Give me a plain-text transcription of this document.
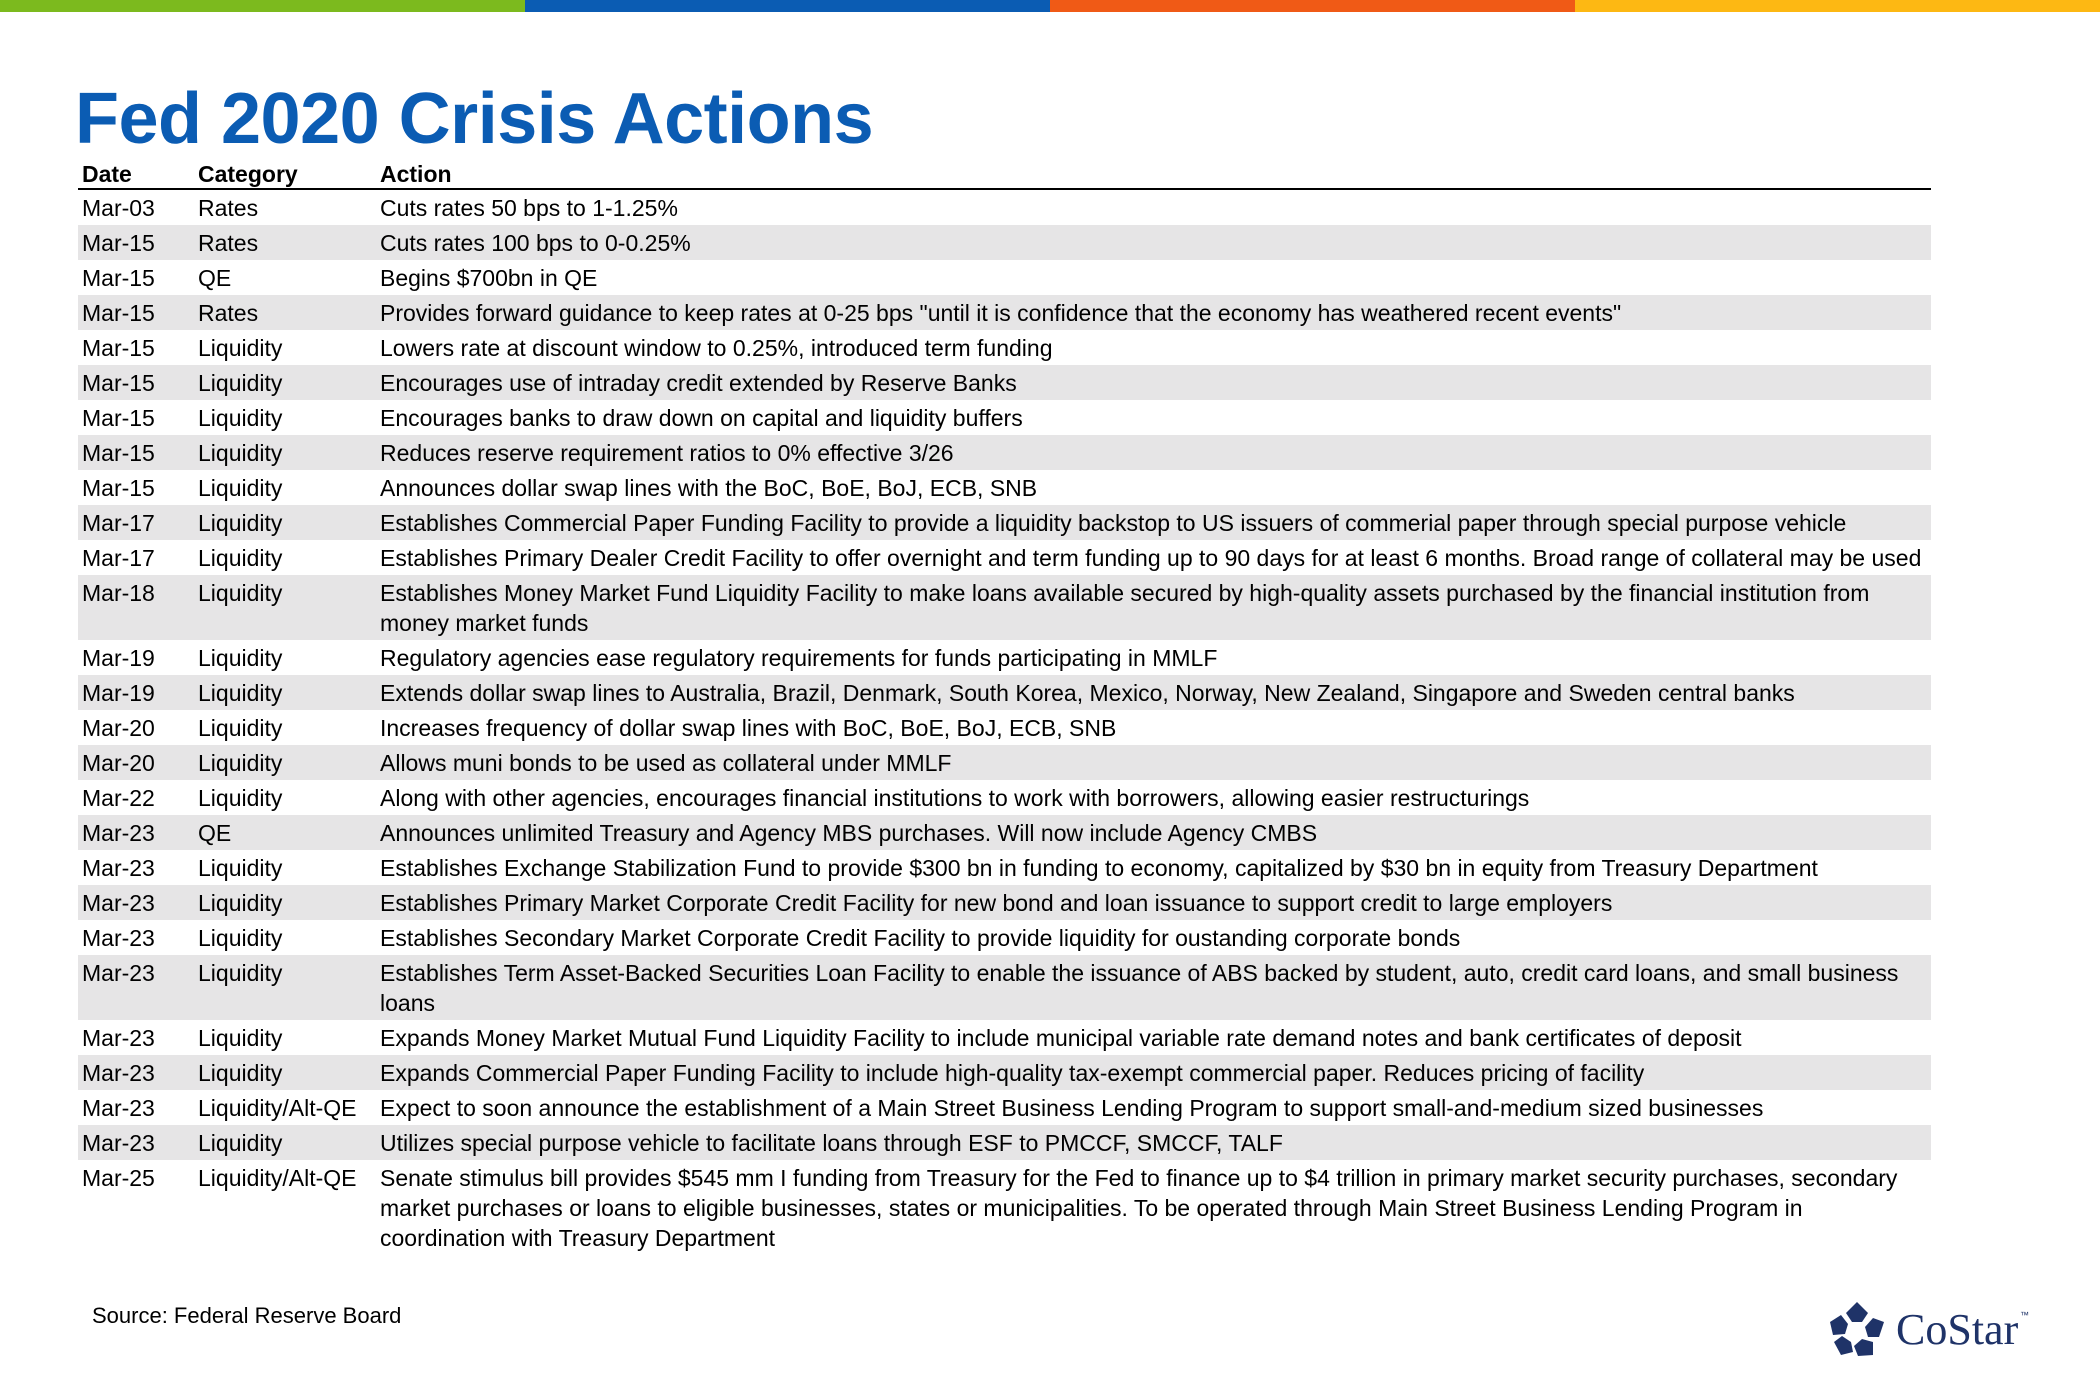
Fed 2020 Crisis Actions
Date	Category	Action
Mar-03	Rates	Cuts rates 50 bps to 1-1.25%
Mar-15	Rates	Cuts rates 100 bps to 0-0.25%
Mar-15	QE	Begins $700bn in QE
Mar-15	Rates	Provides forward guidance to keep rates at 0-25 bps "until it is confidence that the economy has weathered recent events"
Mar-15	Liquidity	Lowers rate at discount window to 0.25%, introduced term funding
Mar-15	Liquidity	Encourages use of intraday credit extended by Reserve Banks
Mar-15	Liquidity	Encourages banks to draw down on capital and liquidity buffers
Mar-15	Liquidity	Reduces reserve requirement ratios to 0% effective 3/26
Mar-15	Liquidity	Announces dollar swap lines with the BoC, BoE, BoJ, ECB, SNB
Mar-17	Liquidity	Establishes Commercial Paper Funding Facility to provide a liquidity backstop to US issuers of commerial paper through special purpose vehicle
Mar-17	Liquidity	Establishes Primary Dealer Credit Facility to offer overnight and term funding up to 90 days for at least 6 months. Broad range of collateral may be used
Mar-18	Liquidity	Establishes Money Market Fund Liquidity Facility to make loans available secured by high-quality assets purchased by the financial institution from money market funds
Mar-19	Liquidity	Regulatory agencies ease regulatory requirements for funds participating in MMLF
Mar-19	Liquidity	Extends dollar swap lines to Australia, Brazil, Denmark, South Korea, Mexico, Norway, New Zealand, Singapore and Sweden central banks
Mar-20	Liquidity	Increases frequency of dollar swap lines with BoC, BoE, BoJ, ECB, SNB
Mar-20	Liquidity	Allows muni bonds to be used as collateral under MMLF
Mar-22	Liquidity	Along with other agencies, encourages financial institutions to work with borrowers, allowing easier restructurings
Mar-23	QE	Announces unlimited Treasury and Agency MBS purchases. Will now include Agency CMBS
Mar-23	Liquidity	Establishes Exchange Stabilization Fund to provide $300 bn in funding to economy, capitalized by $30 bn in equity from Treasury Department
Mar-23	Liquidity	Establishes Primary Market Corporate Credit Facility for new bond and loan issuance to support credit to large employers
Mar-23	Liquidity	Establishes Secondary Market Corporate Credit Facility to provide liquidity for oustanding corporate bonds
Mar-23	Liquidity	Establishes Term Asset-Backed Securities Loan Facility to enable the issuance of ABS backed by student, auto, credit card loans, and small business loans
Mar-23	Liquidity	Expands Money Market Mutual Fund Liquidity Facility to include municipal variable rate demand notes and bank certificates of deposit
Mar-23	Liquidity	Expands Commercial Paper Funding Facility to include high-quality tax-exempt commercial paper. Reduces pricing of facility
Mar-23	Liquidity/Alt-QE	Expect to soon announce the establishment of a Main Street Business Lending Program to support small-and-medium sized businesses
Mar-23	Liquidity	Utilizes special purpose vehicle to facilitate loans through ESF to PMCCF, SMCCF, TALF
Mar-25	Liquidity/Alt-QE	Senate stimulus bill provides $545 mm I funding from Treasury for the Fed to finance up to $4 trillion in primary market security purchases, secondary market purchases or loans to eligible businesses, states or municipalities. To be operated through Main Street Business Lending Program in coordination with Treasury Department
Source: Federal Reserve Board	CoStar ™
